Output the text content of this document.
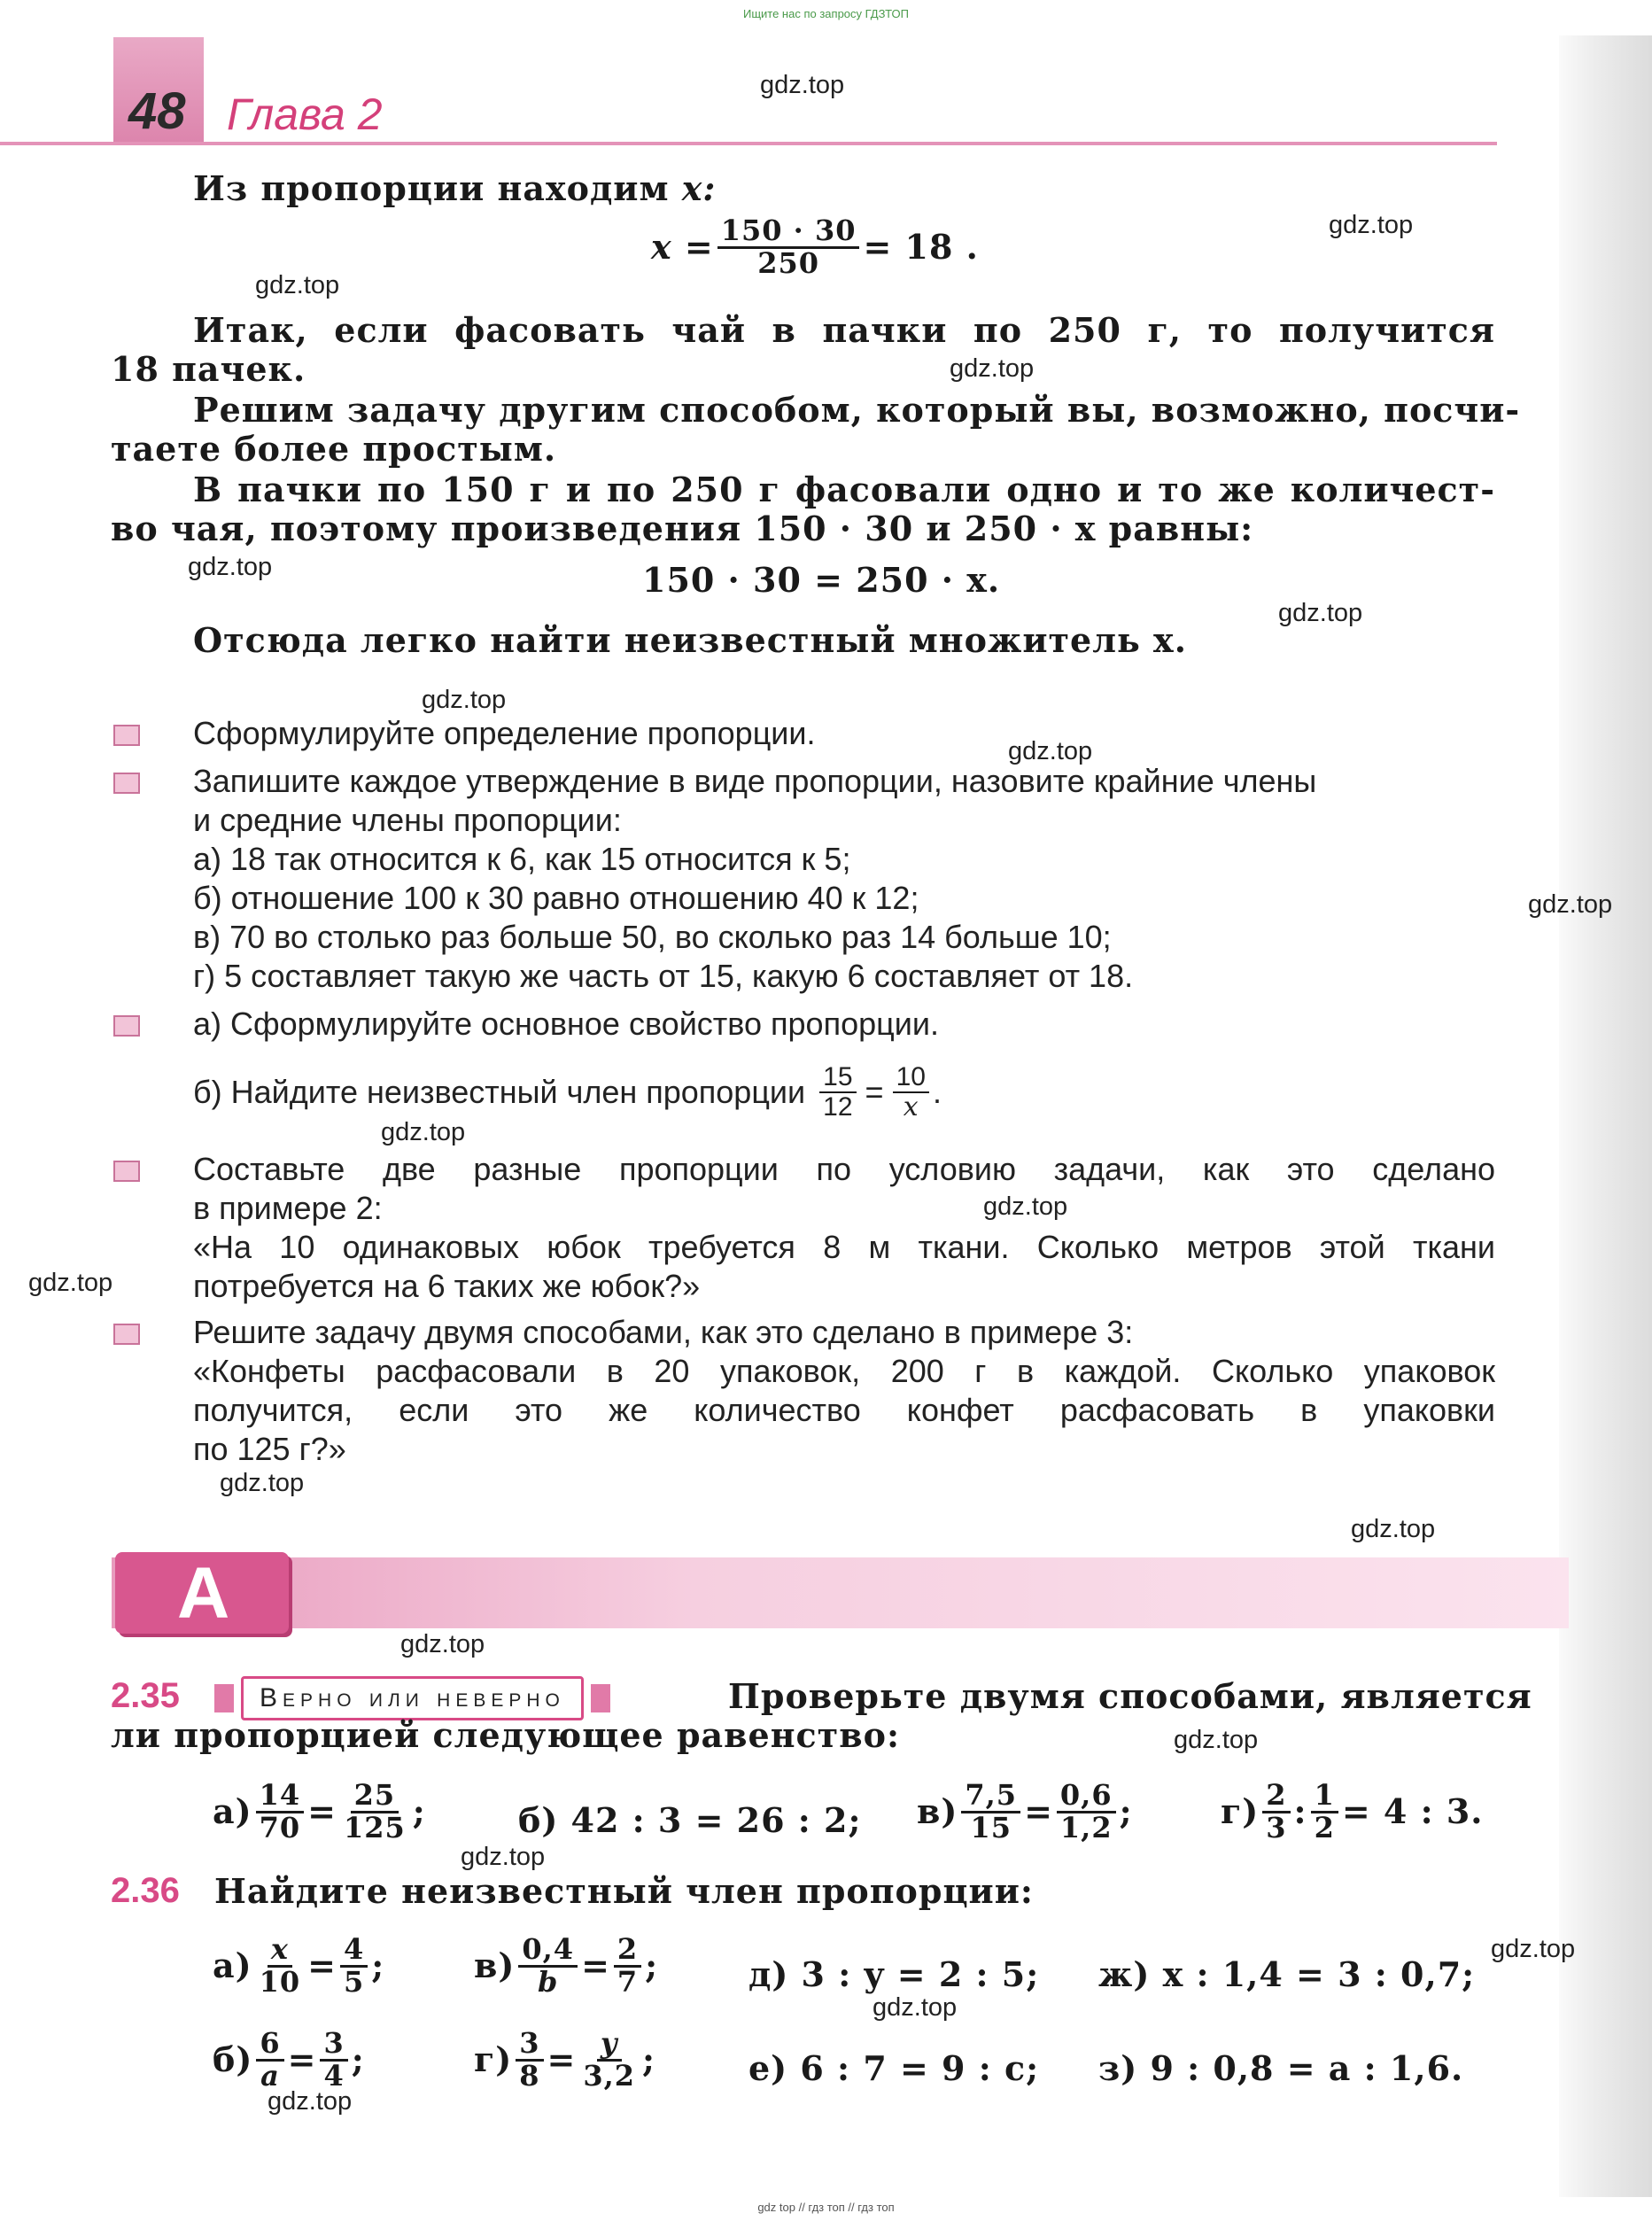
Ищите нас по запросу ГДЗТОП
48 Глава 2
Из пропорции находим x:
$x = \frac{150 \cdot 30}{250} = 18$ .
Итак, если фасовать чай в пачки по 250 г, то получится
18 пачек.
Решим задачу другим способом, который вы, возможно, посчи-
таете более простым.
В пачки по 150 г и по 250 г фасовали одно и то же количест-
во чая, поэтому произведения 150 · 30 и 250 · x равны:
150 · 30 = 250 · x.
Отсюда легко найти неизвестный множитель x.
Сформулируйте определение пропорции.
Запишите каждое утверждение в виде пропорции, назовите крайние члены
и средние члены пропорции:
а) 18 так относится к 6, как 15 относится к 5;
б) отношение 100 к 30 равно отношению 40 к 12;
в) 70 во столько раз больше 50, во сколько раз 14 больше 10;
г) 5 составляет такую же часть от 15, какую 6 составляет от 18.
а) Сформулируйте основное свойство пропорции.
б) Найдите неизвестный член пропорции $\frac{15}{12} = \frac{10}{x}$ .
Составьте две разные пропорции по условию задачи, как это сделано
в примере 2:
«На 10 одинаковых юбок требуется 8 м ткани. Сколько метров этой ткани
потребуется на 6 таких же юбок?»
Решите задачу двумя способами, как это сделано в примере 3:
«Конфеты расфасовали в 20 упаковок, 200 г в каждой. Сколько упаковок
получится, если это же количество конфет расфасовать в упаковки
по 125 г?»
А
2.35	Верно или неверно	Проверьте двумя способами, является
ли пропорцией следующее равенство:
$а) \frac{14}{70} = \frac{25}{125}$ ;	б) 42 : 3 = 26 : 2; $в) \frac{7,5}{15} = \frac{0,6}{1,2}$ ;	$г) \frac{2}{3}$ : $\frac{1}{2} = 4$ : 3.
2.36 Найдите неизвестный член пропорции:
$а) \frac{x}{10} = \frac{4}{5}$ ;	$в) \frac{0,4}{b} = \frac{2}{7}$ ;	д) 3 : y = 2 : 5; ж) x : 1,4 = 3 : 0,7;
$б) \frac{6}{a} = \frac{3}{4}$ ;	$г) \frac{3}{8} = \frac{y}{3,2}$ ;	е) 6 : 7 = 9 : c; з) 9 : 0,8 = a : 1,6.
gdz.top
gdz.top
gdz.top
gdz.top
gdz.top
gdz.top
gdz.top
gdz.top
gdz.top
gdz.top
gdz.top
gdz.top
gdz.top
gdz.top
gdz.top
gdz.top
gdz.top
gdz.top
gdz.top
gdz.top
gdz top // гдз топ // гдз топ
